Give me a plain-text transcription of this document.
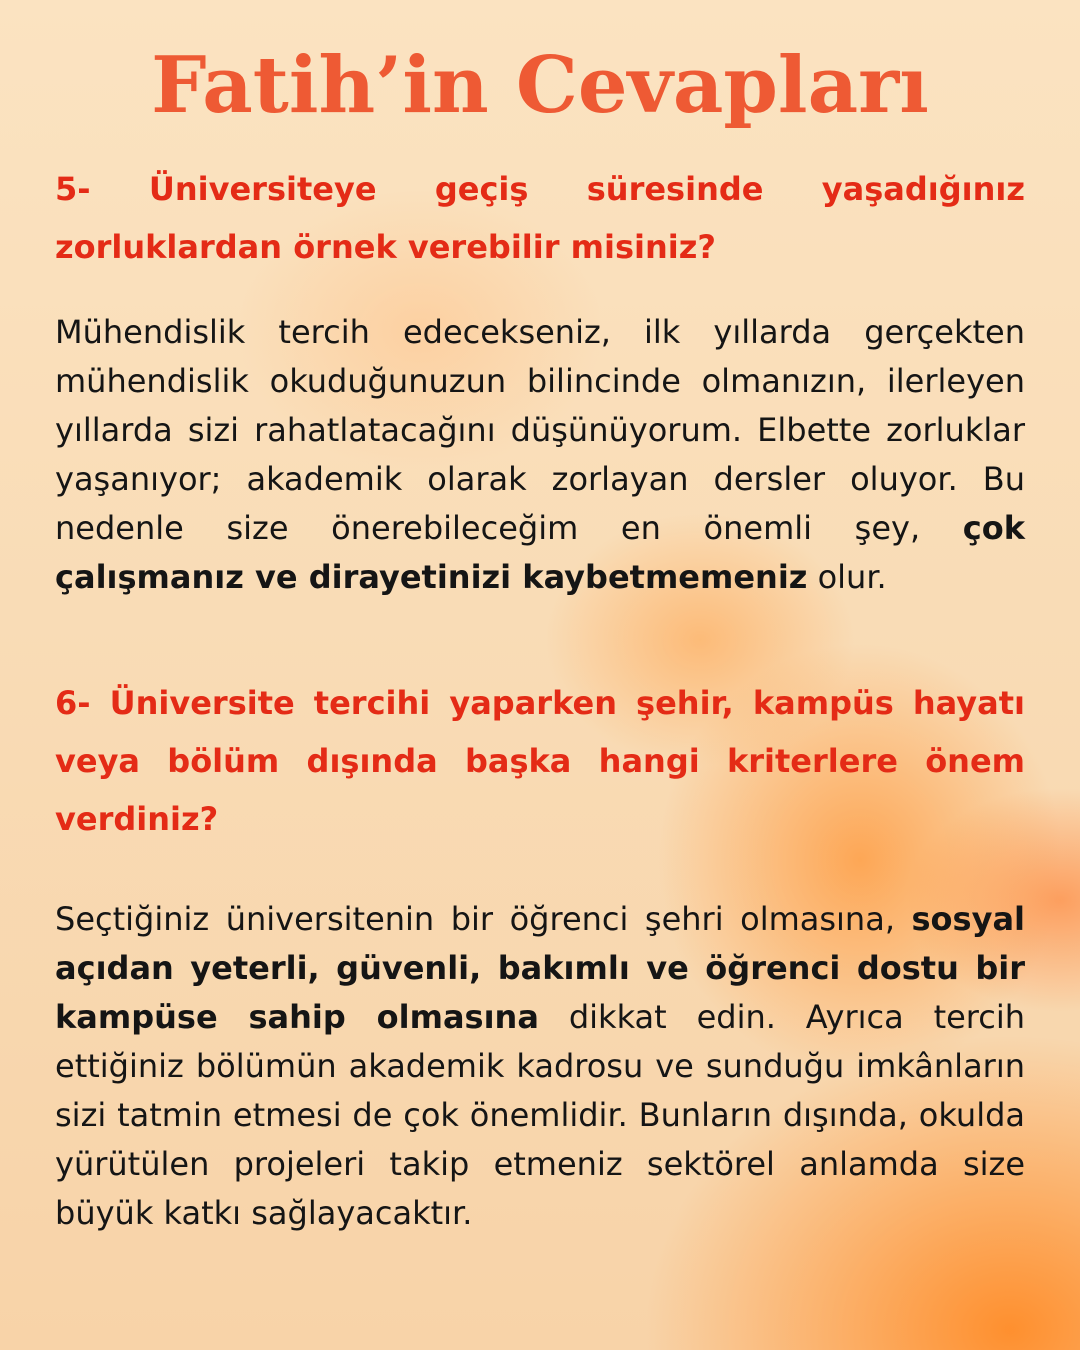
Fatih’in Cevapları

5- Üniversiteye geçiş süresinde yaşadığınız zorluklardan örnek verebilir misiniz?

Mühendislik tercih edecekseniz, ilk yıllarda gerçekten mühendislik okuduğunuzun bilincinde olmanızın, ilerleyen yıllarda sizi rahatlatacağını düşünüyorum. Elbette zorluklar yaşanıyor; akademik olarak zorlayan dersler oluyor. Bu nedenle size önerebileceğim en önemli şey, çok çalışmanız ve dirayetinizi kaybetmemeniz olur.

6- Üniversite tercihi yaparken şehir, kampüs hayatı veya bölüm dışında başka hangi kriterlere önem verdiniz?

Seçtiğiniz üniversitenin bir öğrenci şehri olmasına, sosyal açıdan yeterli, güvenli, bakımlı ve öğrenci dostu bir kampüse sahip olmasına dikkat edin. Ayrıca tercih ettiğiniz bölümün akademik kadrosu ve sunduğu imkânların sizi tatmin etmesi de çok önemlidir. Bunların dışında, okulda yürütülen projeleri takip etmeniz sektörel anlamda size büyük katkı sağlayacaktır.
